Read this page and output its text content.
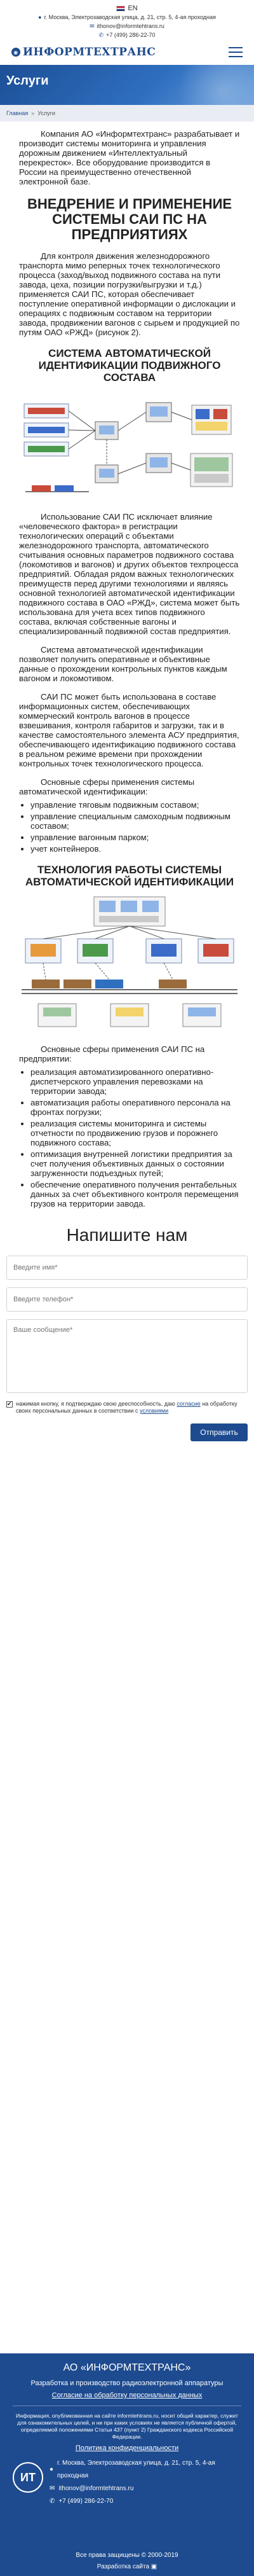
EN
● г. Москва, Электрозаводская улица, д. 21, стр. 5, 4-ая проходная
✉ ithonov@informtehtrans.ru
✆ +7 (499) 286-22-70
◉ ИНФОРМТЕХТРАНС
Услуги
Главная » Услуги

Компания АО «Информтехтранс» разрабатывает и производит системы мониторинга и управления дорожным движением «Интеллектуальный перекресток». Все оборудование производится в России на преимущественно отечественной электронной базе.

ВНЕДРЕНИЕ И ПРИМЕНЕНИЕ СИСТЕМЫ САИ ПС НА ПРЕДПРИЯТИЯХ

Для контроля движения железнодорожного транспорта мимо реперных точек технологического процесса (заход/выход подвижного состава на пути завода, цеха, позиции погрузки/выгрузки и т.д.) применяется САИ ПС, которая обеспечивает поступление оперативной информации о дислокации и операциях с подвижным составом на территории завода, продвижении вагонов с сырьем и продукцией по путям ОАО «РЖД» (рисунок 2).

СИСТЕМА АВТОМАТИЧЕСКОЙ ИДЕНТИФИКАЦИИ ПОДВИЖНОГО СОСТАВА

Использование САИ ПС исключает влияние «человеческого фактора» в регистрации технологических операций с объектами железнодорожного транспорта, автоматического считывания основных параметров подвижного состава (локомотивов и вагонов) и других объектов техпроцесса предприятий. Обладая рядом важных технологических преимуществ перед другими технологиями и являясь основной технологией автоматической идентификации подвижного состава в ОАО «РЖД», система может быть использована для учета всех типов подвижного состава, включая собственные вагоны и специализированный подвижной состав предприятия.

Система автоматической идентификации позволяет получить оперативные и объективные данные о прохождении контрольных пунктов каждым вагоном и локомотивом.

САИ ПС может быть использована в составе информационных систем, обеспечивающих коммерческий контроль вагонов в процессе взвешивания, контроля габаритов и загрузки, так и в качестве самостоятельного элемента АСУ предприятия, обеспечивающего идентификацию подвижного состава в реальном режиме времени при прохождении контрольных точек технологического процесса.

Основные сферы применения системы автоматической идентификации:

• управление тяговым подвижным составом;
• управление специальным самоходным подвижным составом;
• управление вагонным парком;
• учет контейнеров.
ТЕХНОЛОГИЯ РАБОТЫ СИСТЕМЫ АВТОМАТИЧЕСКОЙ ИДЕНТИФИКАЦИИ

Основные сферы применения САИ ПС на предприятии:

• реализация автоматизированного оперативно-диспетчерского управления перевозками на территории завода;
• автоматизация работы оперативного персонала на фронтах погрузки;
• реализация системы мониторинга и системы отчетности по продвижению грузов и порожнего подвижного состава;
• оптимизация внутренней логистики предприятия за счет получения объективных данных о состоянии загруженности подъездных путей;
• обеспечение оперативного получения рентабельных данных за счет объективного контроля перемещения грузов на территории завода.
Напишите нам
Введите имя* Введите телефон*
Ваше сообщение*
✔
нажимая кнопку, я подтверждаю свою дееспособность, даю согласие на обработку своих персональных данных в соответствии с условиями
Отправить
АО «ИНФОРМТЕХТРАНС»
Разработка и производство радиоэлектронной аппаратуры
Согласие на обработку персональных данных
Информация, опубликованная на сайте informtehtrans.ru, носит общий характер, служит для ознакомительных целей, и ни при каких условиях не является публичной офертой, определяемой положениями Статьи 437 (пункт 2) Гражданского кодекса Российской Федерации.
Политика конфиденциальности
ИТ
●
г. Москва, Электрозаводская улица, д. 21, стр. 5, 4-ая проходная
✉ ithonov@informtehtrans.ru
✆ +7 (499) 286-22-70
Все права защищены © 2000-2019
Разработка сайта ▣
